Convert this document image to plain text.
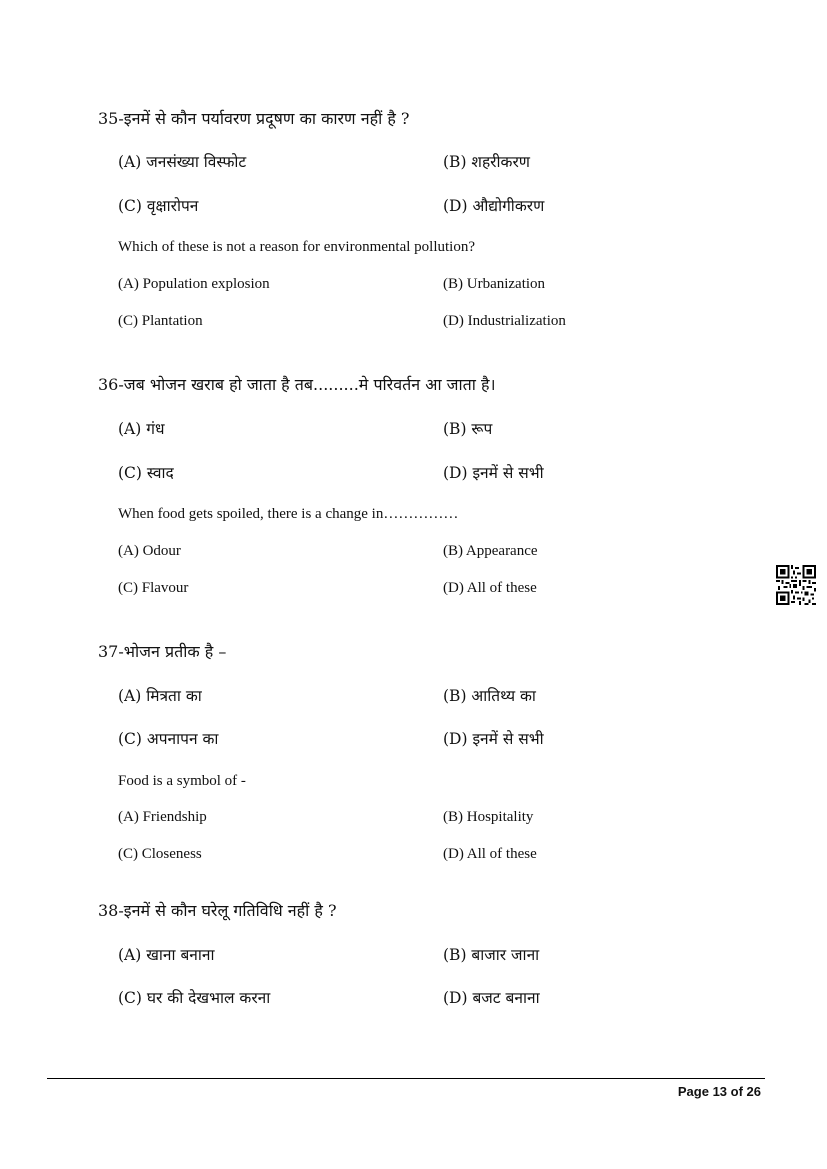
35-इनमें से कौन पर्यावरण प्रदूषण का कारण नहीं है ?
(A) जनसंख्या विस्फोट	(B) शहरीकरण
(C) वृक्षारोपन	(D) औद्योगीकरण
Which of these is not a reason for environmental pollution?
(A) Population explosion	(B) Urbanization
(C) Plantation	(D) Industrialization
36-जब भोजन खराब हो जाता है तब.........मे परिवर्तन आ जाता है।
(A) गंध	(B) रूप
(C) स्वाद	(D) इनमें से सभी
When food gets spoiled, there is a change in……………
(A) Odour	(B) Appearance
(C) Flavour	(D) All of these
37-भोजन प्रतीक है –
(A) मित्रता का	(B) आतिथ्य का
(C) अपनापन का	(D) इनमें से सभी
Food is a symbol of -
(A) Friendship	(B) Hospitality
(C) Closeness	(D) All of these
38-इनमें से कौन घरेलू गतिविधि नहीं है ?
(A) खाना बनाना	(B) बाजार जाना
(C) घर की देखभाल करना	(D) बजट बनाना
Page 13 of 26
